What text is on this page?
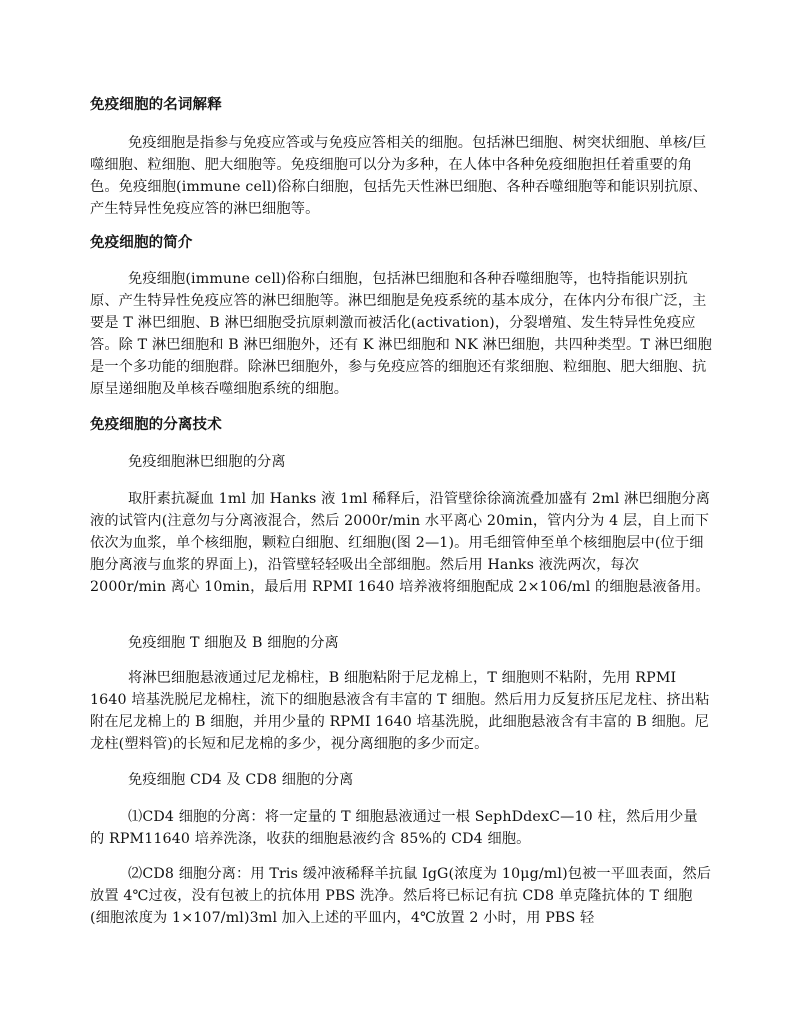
免疫细胞的名词解释

免疫细胞是指参与免疫应答或与免疫应答相关的细胞。包括淋巴细胞、树突状细胞、单核/巨噬细胞、粒细胞、肥大细胞等。免疫细胞可以分为多种，在人体中各种免疫细胞担任着重要的角色。免疫细胞(immune cell)俗称白细胞，包括先天性淋巴细胞、各种吞噬细胞等和能识别抗原、产生特异性免疫应答的淋巴细胞等。

免疫细胞的简介

免疫细胞(immune cell)俗称白细胞，包括淋巴细胞和各种吞噬细胞等，也特指能识别抗原、产生特异性免疫应答的淋巴细胞等。淋巴细胞是免疫系统的基本成分，在体内分布很广泛，主要是 T 淋巴细胞、B 淋巴细胞受抗原刺激而被活化(activation)，分裂增殖、发生特异性免疫应答。除 T 淋巴细胞和 B 淋巴细胞外，还有 K 淋巴细胞和 NK 淋巴细胞，共四种类型。T 淋巴细胞是一个多功能的细胞群。除淋巴细胞外，参与免疫应答的细胞还有浆细胞、粒细胞、肥大细胞、抗原呈递细胞及单核吞噬细胞系统的细胞。

免疫细胞的分离技术

免疫细胞淋巴细胞的分离

取肝素抗凝血 1ml 加 Hanks 液 1ml 稀释后，沿管壁徐徐滴流叠加盛有 2ml 淋巴细胞分离液的试管内(注意勿与分离液混合，然后 2000r/min 水平离心 20min，管内分为 4 层，自上而下依次为血浆，单个核细胞，颗粒白细胞、红细胞(图 2—1)。用毛细管伸至单个核细胞层中(位于细胞分离液与血浆的界面上)，沿管壁轻轻吸出全部细胞。然后用 Hanks 液洗两次，每次 2000r/min 离心 10min，最后用 RPMI 1640 培养液将细胞配成 2×106/ml 的细胞悬液备用。

免疫细胞 T 细胞及 B 细胞的分离

将淋巴细胞悬液通过尼龙棉柱，B 细胞粘附于尼龙棉上，T 细胞则不粘附，先用 RPMI 1640 培基洗脱尼龙棉柱，流下的细胞悬液含有丰富的 T 细胞。然后用力反复挤压尼龙柱、挤出粘附在尼龙棉上的 B 细胞，并用少量的 RPMI 1640 培基洗脱，此细胞悬液含有丰富的 B 细胞。尼龙柱(塑料管)的长短和尼龙棉的多少，视分离细胞的多少而定。

免疫细胞 CD4 及 CD8 细胞的分离

⑴CD4 细胞的分离：将一定量的 T 细胞悬液通过一根 SephDdexC—10 柱，然后用少量的 RPM11640 培养洗涤，收获的细胞悬液约含 85%的 CD4 细胞。

⑵CD8 细胞分离：用 Tris 缓冲液稀释羊抗鼠 IgG(浓度为 10μg/ml)包被一平皿表面，然后放置 4℃过夜，没有包被上的抗体用 PBS 洗净。然后将已标记有抗 CD8 单克隆抗体的 T 细胞(细胞浓度为 1×107/ml)3ml 加入上述的平皿内，4℃放置 2 小时，用 PBS 轻
